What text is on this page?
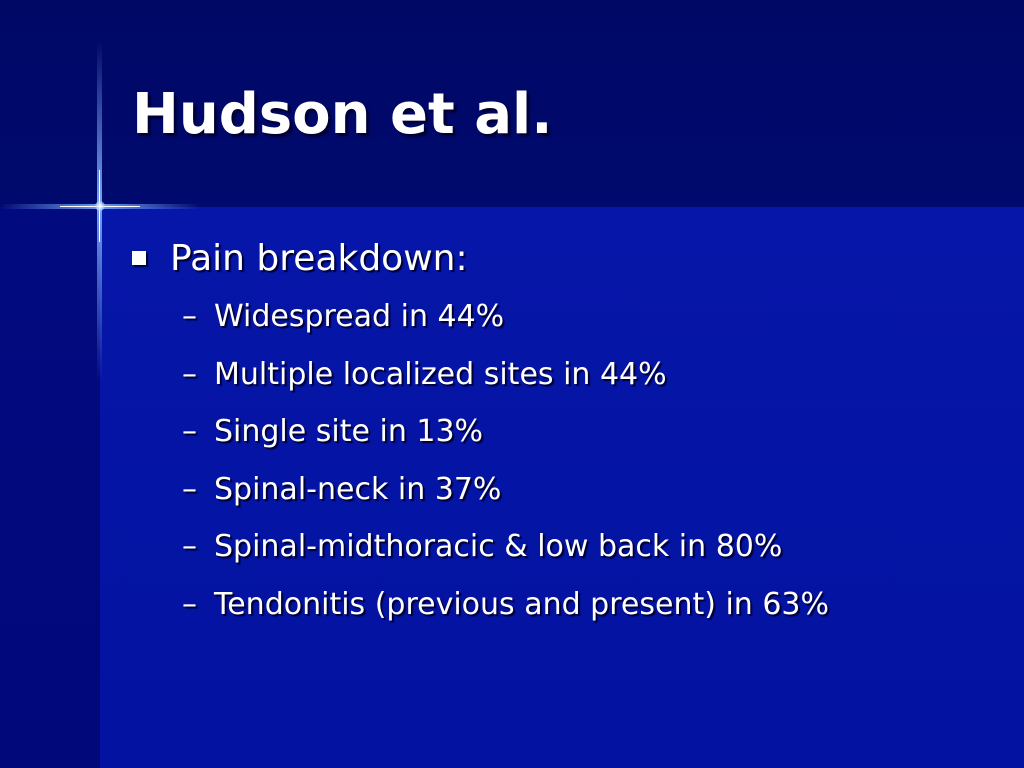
Hudson et al.
Pain breakdown:
– Widespread in 44%
– Multiple localized sites in 44%
– Single site in 13%
– Spinal-neck in 37%
– Spinal-midthoracic & low back in 80%
– Tendonitis (previous and present) in 63%
